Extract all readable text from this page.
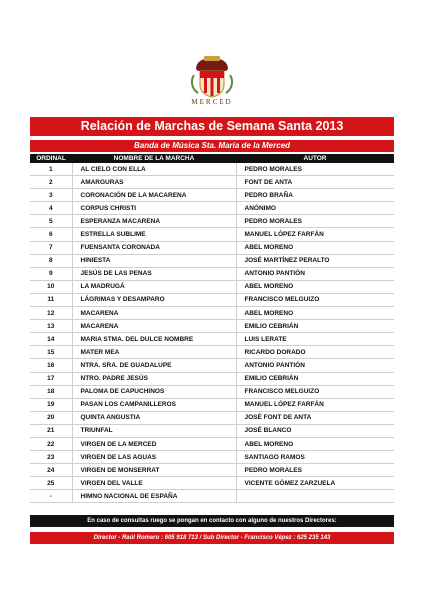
MERCED
Relación de Marchas de Semana Santa 2013
Banda de Música Sta. María de la Merced
ORDINAL	NOMBRE DE LA MARCHA	AUTOR
1	AL CIELO CON ELLA	PEDRO MORALES
2	AMARGURAS	FONT DE ANTA
3	CORONACIÓN DE LA MACARENA	PEDRO BRAÑA
4	CORPUS CHRISTI	ANÓNIMO
5	ESPERANZA MACARENA	PEDRO MORALES
6	ESTRELLA SUBLIME	MANUEL LÓPEZ FARFÁN
7	FUENSANTA CORONADA	ABEL MORENO
8	HINIESTA	JOSÉ MARTÍNEZ PERALTO
9	JESÚS DE LAS PENAS	ANTONIO PANTIÓN
10	LA MADRUGÁ	ABEL MORENO
11	LÁGRIMAS Y DESAMPARO	FRANCISCO MELGUIZO
12	MACARENA	ABEL MORENO
13	MACARENA	EMILIO CEBRIÁN
14	MARIA STMA. DEL DULCE NOMBRE	LUIS LERATE
15	MATER MEA	RICARDO DORADO
16	NTRA. SRA. DE GUADALUPE	ANTONIO PANTIÓN
17	NTRO. PADRE JESÚS	EMILIO CEBRIÁN
18	PALOMA DE CAPUCHINOS	FRANCISCO MELGUIZO
19	PASAN LOS CAMPANILLEROS	MANUEL LÓPEZ FARFÁN
20	QUINTA ANGUSTIA	JOSÉ FONT DE ANTA
21	TRIUNFAL	JOSÉ BLANCO
22	VIRGEN DE LA MERCED	ABEL MORENO
23	VIRGEN DE LAS AGUAS	SANTIAGO RAMOS
24	VIRGEN DE MONSERRAT	PEDRO MORALES
25	VIRGEN DEL VALLE	VICENTE GÓMEZ ZARZUELA
-	HIMNO NACIONAL DE ESPAÑA	
En caso de consultas ruego se pongan en contacto con alguno de nuestros Directores:
Director - Raúl Romero : 605 918 713 / Sub Director - Francisco Vépez : 625 235 143
